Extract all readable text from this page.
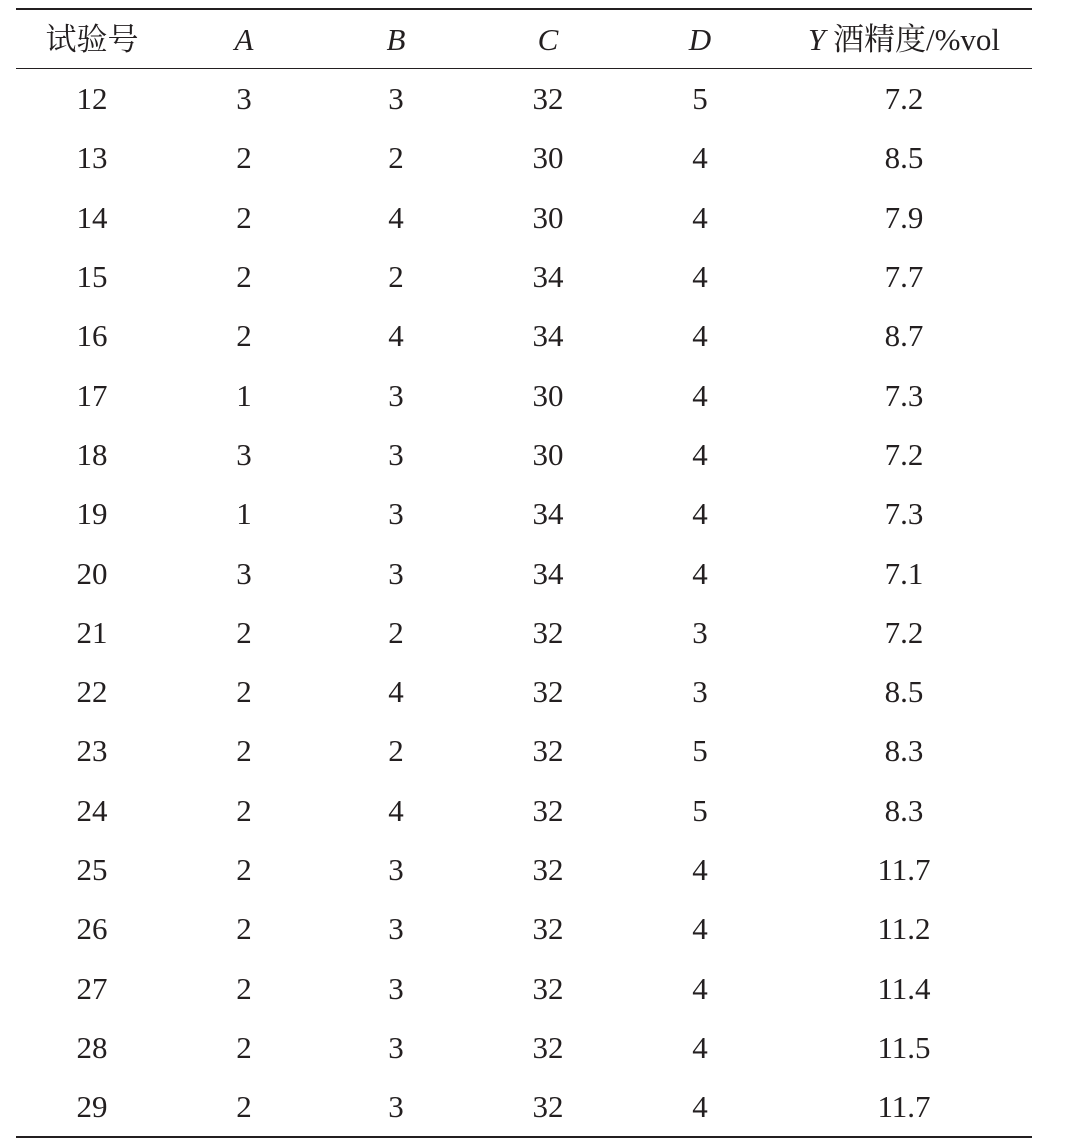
试验号	A	B	C	D	Y 酒精度/%vol
12	3	3	32	5	7.2
13	2	2	30	4	8.5
14	2	4	30	4	7.9
15	2	2	34	4	7.7
16	2	4	34	4	8.7
17	1	3	30	4	7.3
18	3	3	30	4	7.2
19	1	3	34	4	7.3
20	3	3	34	4	7.1
21	2	2	32	3	7.2
22	2	4	32	3	8.5
23	2	2	32	5	8.3
24	2	4	32	5	8.3
25	2	3	32	4	11.7
26	2	3	32	4	11.2
27	2	3	32	4	11.4
28	2	3	32	4	11.5
29	2	3	32	4	11.7
